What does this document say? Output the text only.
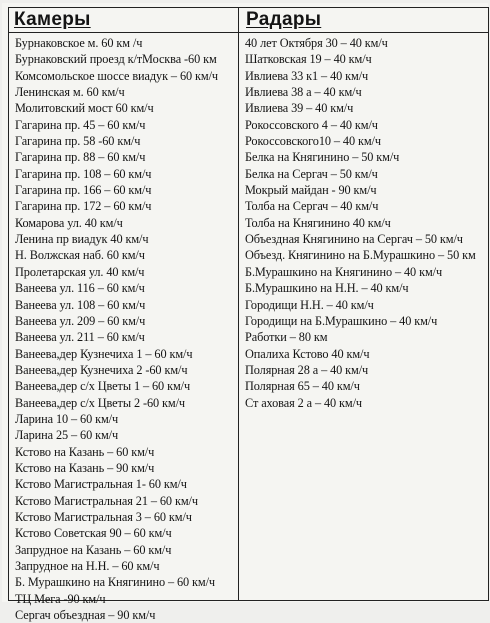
Камеры	Радары
Бурнаковское м. 60 км /ч
Бурнаковский проезд к/тМосква -60 км
Комсомольское шоссе виадук – 60 км/ч
Ленинская м. 60 км/ч
Молитовский мост 60 км/ч
Гагарина пр. 45 – 60 км/ч
Гагарина пр. 58 -60 км/ч
Гагарина пр. 88 – 60 км/ч
Гагарина пр. 108 – 60 км/ч
Гагарина пр. 166 – 60 км/ч
Гагарина пр. 172 – 60 км/ч
Комарова ул. 40 км/ч
Ленина пр виадук 40 км/ч
Н. Волжская наб. 60 км/ч
Пролетарская ул. 40 км/ч
Ванеева ул. 116 – 60 км/ч
Ванеева ул. 108 – 60 км/ч
Ванеева ул. 209 – 60 км/ч
Ванеева ул. 211 – 60 км/ч
Ванеева,дер Кузнечиха 1 – 60 км/ч
Ванеева,дер Кузнечиха 2 -60 км/ч
Ванеева,дер с/х Цветы 1 – 60 км/ч
Ванеева,дер с/х Цветы 2 -60 км/ч
Ларина 10 – 60 км/ч
Ларина 25 – 60 км/ч
Кстово на Казань – 60 км/ч
Кстово на Казань – 90 км/ч
Кстово Магистральная 1- 60 км/ч
Кстово Магистральная 21 – 60 км/ч
Кстово Магистральная 3 – 60 км/ч
Кстово Советская 90 – 60 км/ч
Запрудное на Казань – 60 км/ч
Запрудное на Н.Н. – 60 км/ч
Б. Мурашкино на Княгинино – 60 км/ч
ТЦ Мега -90 км/ч
Сергач объездная – 90 км/ч
40 лет Октября 30 – 40 км/ч
Шатковская 19 – 40 км/ч
Ивлиева 33 к1 – 40 км/ч
Ивлиева 38 а – 40 км/ч
Ивлиева 39 – 40 км/ч
Рокоссовского 4 – 40 км/ч
Рокоссовского10 – 40 км/ч
Белка на Княгинино – 50 км/ч
Белка на Сергач – 50 км/ч
Мокрый майдан - 90 км/ч
Толба на Сергач – 40 км/ч
Толба на Княгинино 40 км/ч
Объездная Княгинино на Сергач – 50 км/ч
Объезд. Княгинино на Б.Мурашкино – 50 км
Б.Мурашкино на Княгинино – 40 км/ч
Б.Мурашкино на Н.Н. – 40 км/ч
Городищи Н.Н. – 40 км/ч
Городищи на Б.Мурашкино – 40 км/ч
Работки – 80 км
Опалиха Кстово 40 км/ч
Полярная 28 а – 40 км/ч
Полярная 65 – 40 км/ч
Ст аховая 2 а – 40 км/ч
